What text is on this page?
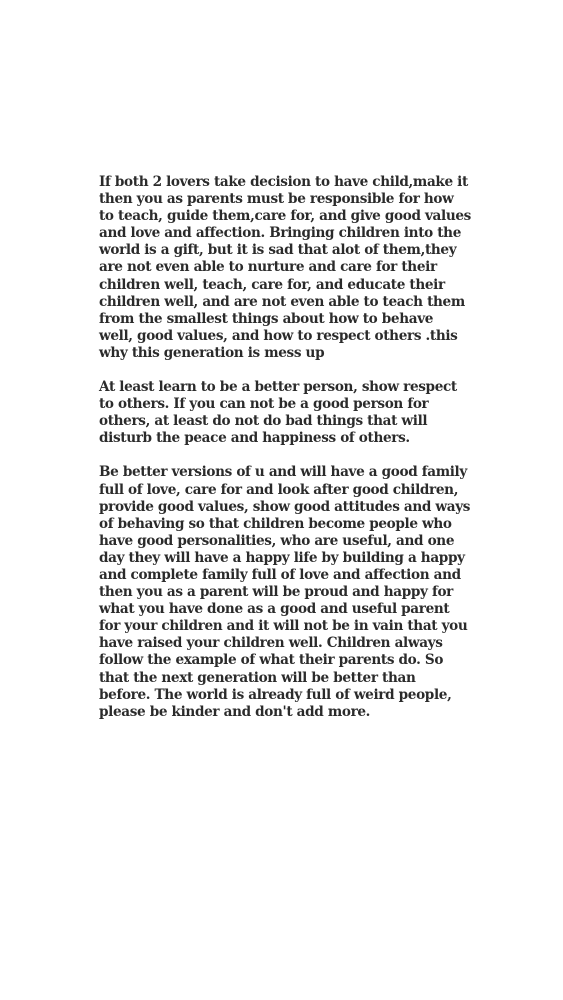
If both 2 lovers take decision to have child,make it then you as parents must be responsible for how to teach, guide them,care for, and give good values and love and affection. Bringing children into the world is a gift, but it is sad that alot of them,they are not even able to nurture and care for their children well, teach, care for, and educate their children well, and are not even able to teach them from the smallest things about how to behave well, good values, and how to respect others .this why this generation is mess up

At least learn to be a better person, show respect to others. If you can not be a good person for others, at least do not do bad things that will disturb the peace and happiness of others.

Be better versions of u and will have a good family full of love, care for and look after good children, provide good values, show good attitudes and ways of behaving so that children become people who have good personalities, who are useful, and one day they will have a happy life by building a happy and complete family full of love and affection and then you as a parent will be proud and happy for what you have done as a good and useful parent for your children and it will not be in vain that you have raised your children well. Children always follow the example of what their parents do. So that the next generation will be better than before. The world is already full of weird people, please be kinder and don't add more.
